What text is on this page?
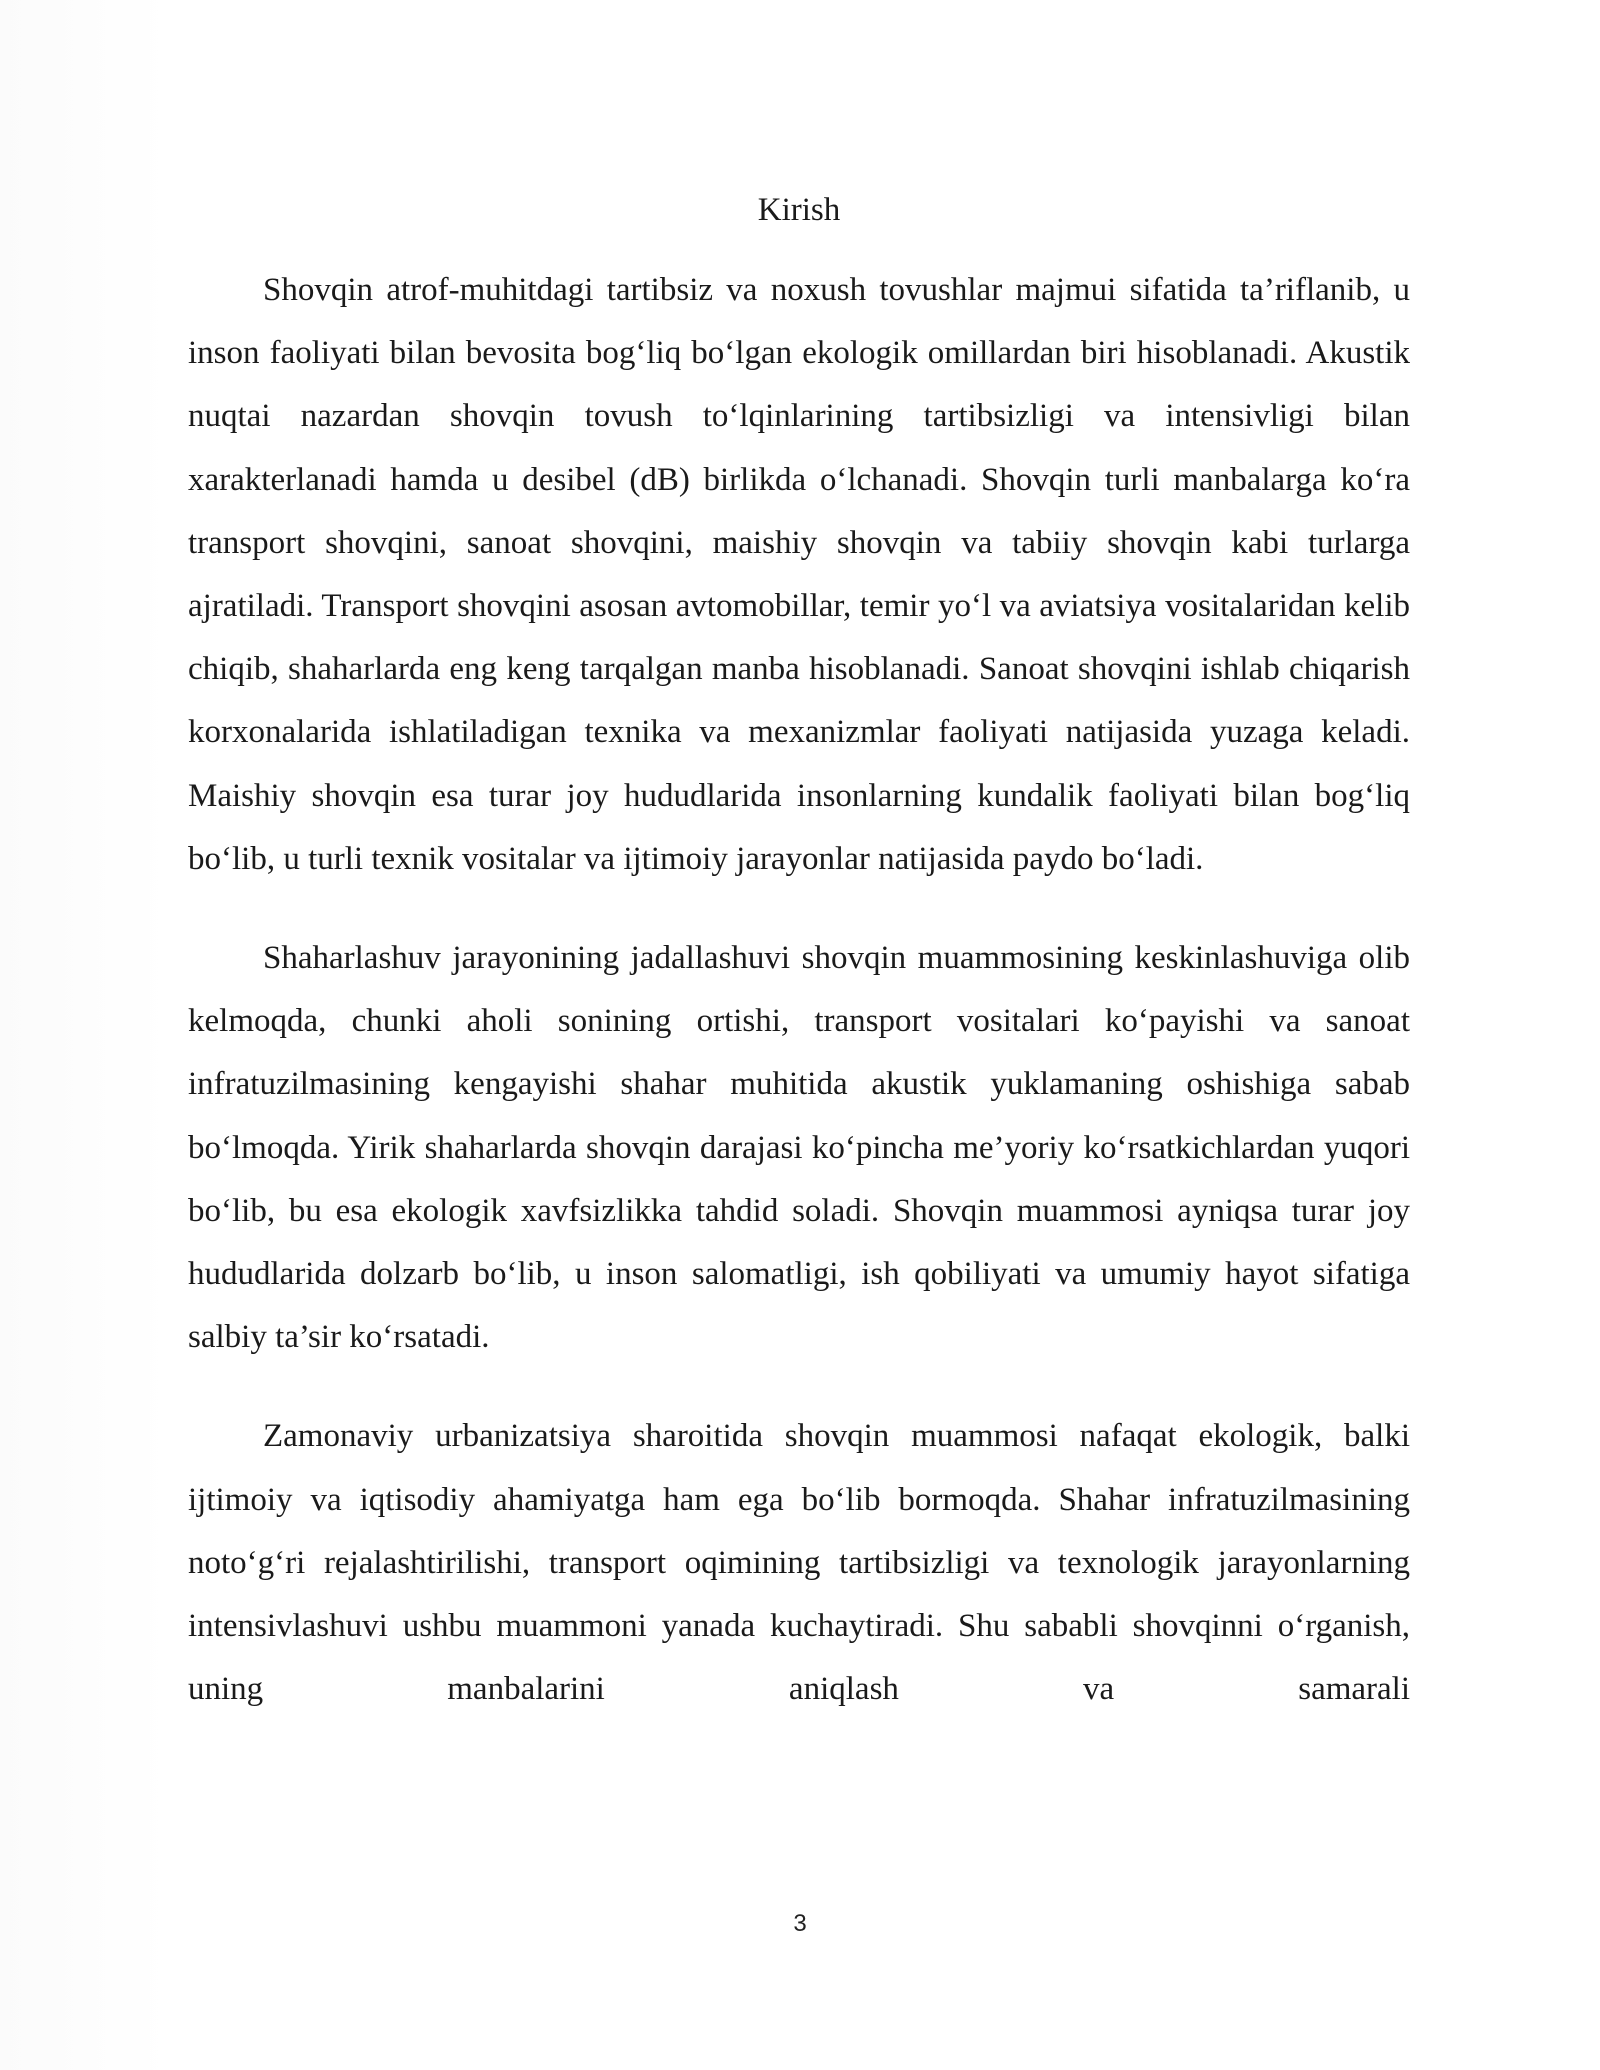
Kirish

Shovqin atrof-muhitdagi tartibsiz va noxush tovushlar majmui sifatida ta’riflanib, u inson faoliyati bilan bevosita bog‘liq bo‘lgan ekologik omillardan biri hisoblanadi. Akustik nuqtai nazardan shovqin tovush to‘lqinlarining tartibsizligi va intensivligi bilan xarakterlanadi hamda u desibel (dB) birlikda o‘lchanadi. Shovqin turli manbalarga ko‘ra transport shovqini, sanoat shovqini, maishiy shovqin va tabiiy shovqin kabi turlarga ajratiladi. Transport shovqini asosan avtomobillar, temir yo‘l va aviatsiya vositalaridan kelib chiqib, shaharlarda eng keng tarqalgan manba hisoblanadi. Sanoat shovqini ishlab chiqarish korxonalarida ishlatiladigan texnika va mexanizmlar faoliyati natijasida yuzaga keladi. Maishiy shovqin esa turar joy hududlarida insonlarning kundalik faoliyati bilan bog‘liq bo‘lib, u turli texnik vositalar va ijtimoiy jarayonlar natijasida paydo bo‘ladi.

Shaharlashuv jarayonining jadallashuvi shovqin muammosining keskinlashuviga olib kelmoqda, chunki aholi sonining ortishi, transport vositalari ko‘payishi va sanoat infratuzilmasining kengayishi shahar muhitida akustik yuklamaning oshishiga sabab bo‘lmoqda. Yirik shaharlarda shovqin darajasi ko‘pincha me’yoriy ko‘rsatkichlardan yuqori bo‘lib, bu esa ekologik xavfsizlikka tahdid soladi. Shovqin muammosi ayniqsa turar joy hududlarida dolzarb bo‘lib, u inson salomatligi, ish qobiliyati va umumiy hayot sifatiga salbiy ta’sir ko‘rsatadi.

Zamonaviy urbanizatsiya sharoitida shovqin muammosi nafaqat ekologik, balki ijtimoiy va iqtisodiy ahamiyatga ham ega bo‘lib bormoqda. Shahar infratuzilmasining noto‘g‘ri rejalashtirilishi, transport oqimining tartibsizligi va texnologik jarayonlarning intensivlashuvi ushbu muammoni yanada kuchaytiradi. Shu sababli shovqinni o‘rganish, uning manbalarini aniqlash va samarali

3
